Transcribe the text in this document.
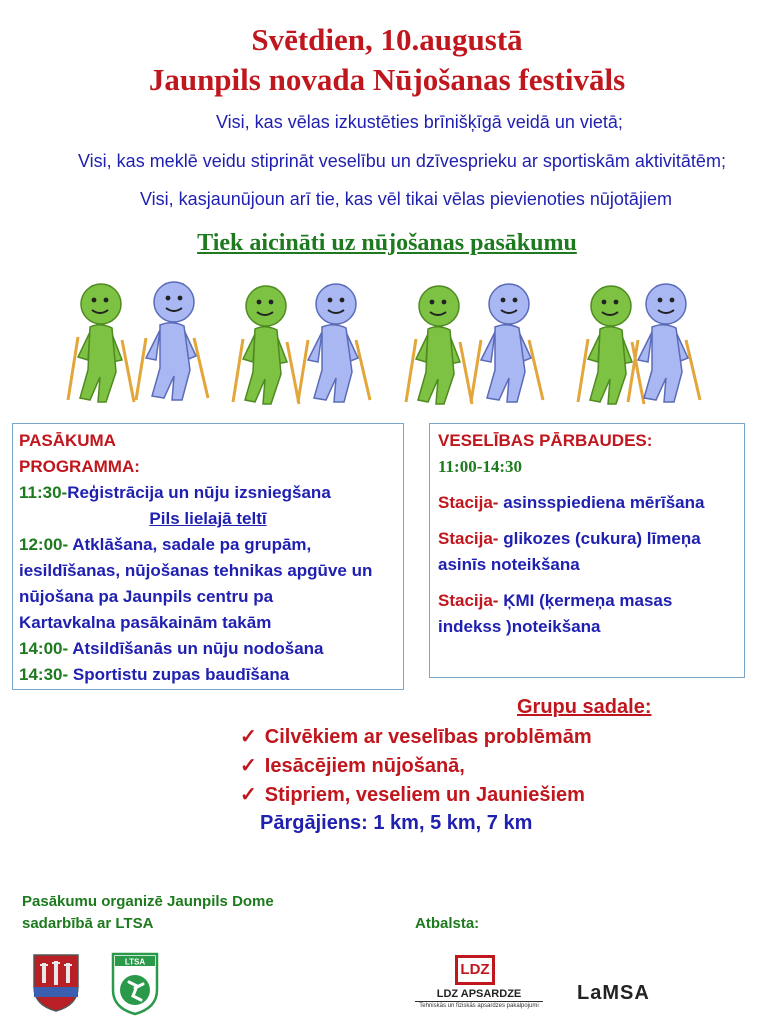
Svētdien, 10.augustā
Jaunpils novada Nūjošanas festivāls
Visi, kas vēlas izkustēties brīnišķīgā veidā un vietā;
Visi, kas meklē veidu stiprināt veselību un dzīvesprieku ar sportiskām aktivitātēm;
Visi, kasjaunūjoun arī tie, kas vēl tikai vēlas pievienoties nūjotājiem
Tiek aicināti uz nūjošanas pasākumu
PASĀKUMA
PROGRAMMA:
11:30-Reģistrācija un nūju izsniegšana
Pils lielajā teltī
12:00- Atklāšana, sadale pa grupām,
iesildīšanas, nūjošanas tehnikas apgūve un
nūjošana pa Jaunpils centru pa
Kartavkalna pasākainām takām
14:00- Atsildīšanās un nūju nodošana
14:30- Sportistu zupas baudīšana
VESELĪBAS PĀRBAUDES:
11:00-14:30
Stacija- asinsspiediena mērīšana
Stacija- glikozes (cukura) līmeņa
asinīs noteikšana
Stacija- ĶMI (ķermeņa masas
indekss )noteikšana
Grupu sadale:
✓ Cilvēkiem ar veselības problēmām
✓ Iesācējiem nūjošanā,
✓ Stipriem, veseliem un Jauniešiem
Pārgājiens: 1 km, 5 km, 7 km
Pasākumu organizē Jaunpils Dome
sadarbībā ar LTSA	Atbalsta:
LTSA	LDZ
LDZ APSARDZE
Tehniskās un fiziskās apsardzes pakalpojumi
LaMSA
